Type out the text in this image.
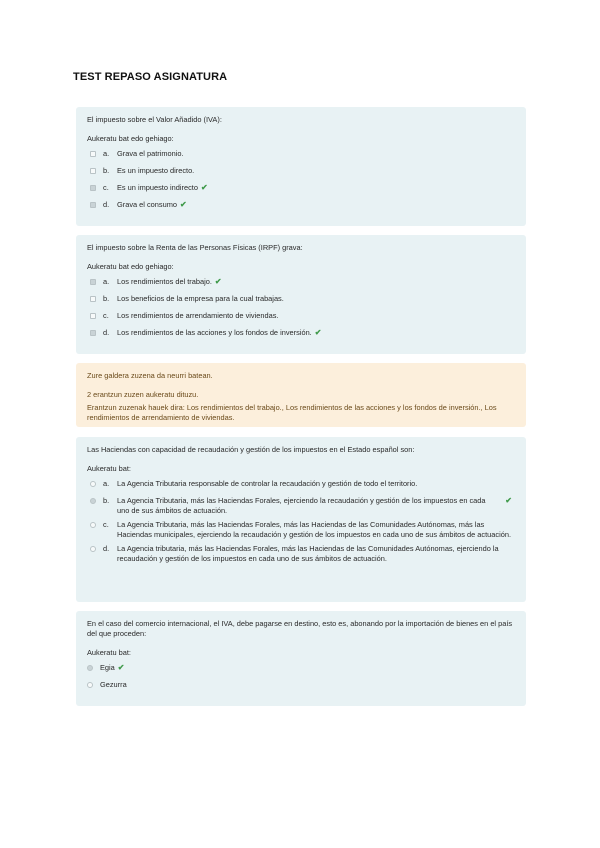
TEST REPASO ASIGNATURA
El impuesto sobre el Valor Añadido (IVA):
Aukeratu bat edo gehiago:
a.	Grava el patrimonio.
b.	Es un impuesto directo.
c.	Es un impuesto indirecto ✔
d.	Grava el consumo ✔
El impuesto sobre la Renta de las Personas Físicas (IRPF) grava:
Aukeratu bat edo gehiago:
a.	Los rendimientos del trabajo. ✔
b.	Los beneficios de la empresa para la cual trabajas.
c.	Los rendimientos de arrendamiento de viviendas.
d.	Los rendimientos de las acciones y los fondos de inversión. ✔
Zure galdera zuzena da neurri batean.
2 erantzun zuzen aukeratu dituzu.
Erantzun zuzenak hauek dira: Los rendimientos del trabajo., Los rendimientos de las acciones y los fondos de inversión., Los rendimientos de arrendamiento de viviendas.
Las Haciendas con capacidad de recaudación y gestión de los impuestos en el Estado español son:
Aukeratu bat:
a.	La Agencia Tributaria responsable de controlar la recaudación y gestión de todo el territorio.
b.	La Agencia Tributaria, más las Haciendas Forales, ejerciendo la recaudación y gestión de los impuestos en cada uno de sus ámbitos de actuación.
✔
c.	La Agencia Tributaria, más las Haciendas Forales, más las Haciendas de las Comunidades Autónomas, más las Haciendas municipales, ejerciendo la recaudación y gestión de los impuestos en cada uno de sus ámbitos de actuación.
d.	La Agencia tributaria, más las Haciendas Forales, más las Haciendas de las Comunidades Autónomas, ejerciendo la recaudación y gestión de los impuestos en cada uno de sus ámbitos de actuación.
En el caso del comercio internacional, el IVA, debe pagarse en destino, esto es, abonando por la importación de bienes en el país del que proceden:
Aukeratu bat:
Egia ✔
Gezurra
